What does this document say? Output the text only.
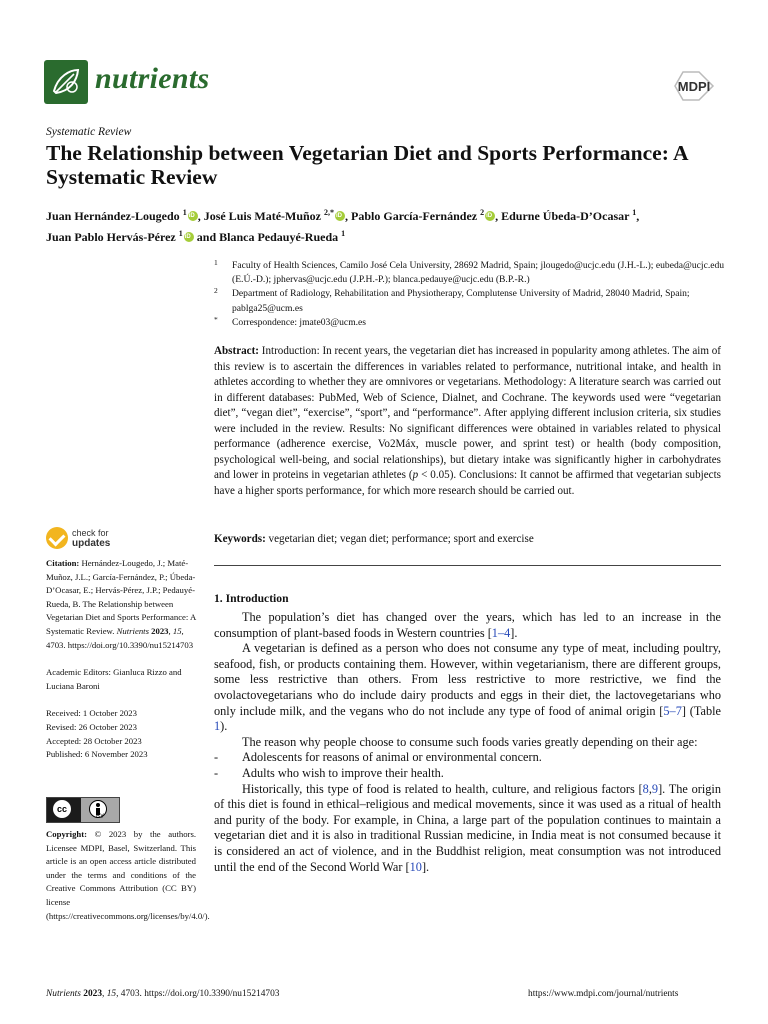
nutrients	MDPI
Systematic Review
The Relationship between Vegetarian Diet and Sports Performance: A Systematic Review
Juan Hernández-Lougedo $^1$ iD , José Luis Maté-Muñoz $^{2,*}$ iD , Pablo García-Fernández $^2$ iD , Edurne Úbeda-D’Ocasar $^1$,
Juan Pablo Hervás-Pérez $^1$ iD and Blanca Pedauyé-Rueda $^1$
1 Faculty of Health Sciences, Camilo José Cela University, 28692 Madrid, Spain; jlougedo@ucjc.edu (J.H.-L.); eubeda@ucjc.edu (E.Ú.-D.); jphervas@ucjc.edu (J.P.H.-P.); blanca.pedauye@ucjc.edu (B.P.-R.)
2 Department of Radiology, Rehabilitation and Physiotherapy, Complutense University of Madrid, 28040 Madrid, Spain; pablga25@ucm.es
* Correspondence: jmate03@ucm.es
Abstract: Introduction: In recent years, the vegetarian diet has increased in popularity among athletes. The aim of this review is to ascertain the differences in variables related to performance, nutritional intake, and health in athletes according to whether they are omnivores or vegetarians. Methodology: A literature search was carried out in different databases: PubMed, Web of Science, Dialnet, and Cochrane. The keywords used were “vegetarian diet”, “vegan diet”, “exercise”, “sport”, and “performance”. After applying different inclusion criteria, six studies were included in the review. Results: No significant differences were obtained in variables related to physical performance (adherence exercise, Vo2Máx, muscle power, and sprint test) or health (body composition, psychological well-being, and social relationships), but dietary intake was significantly higher in carbohydrates and lower in proteins in vegetarian athletes (p < 0.05). Conclusions: It cannot be affirmed that vegetarian subjects have a higher sports performance, for which more research should be carried out.
Keywords: vegetarian diet; vegan diet; performance; sport and exercise
check for
updates

Citation: Hernández-Lougedo, J.; Maté-Muñoz, J.L.; García-Fernández, P.; Úbeda-D’Ocasar, E.; Hervás-Pérez, J.P.; Pedauyé-Rueda, B. The Relationship between Vegetarian Diet and Sports Performance: A Systematic Review. Nutrients 2023, 15, 4703. https://doi.org/10.3390/nu15214703

Academic Editors: Gianluca Rizzo and Luciana Baroni

Received: 1 October 2023

Revised: 26 October 2023

Accepted: 28 October 2023

Published: 6 November 2023

cc
BY
Copyright: © 2023 by the authors. Licensee MDPI, Basel, Switzerland. This article is an open access article distributed under the terms and conditions of the Creative Commons Attribution (CC BY) license (https://creativecommons.org/licenses/by/4.0/).
1. Introduction

The population’s diet has changed over the years, which has led to an increase in the consumption of plant-based foods in Western countries [1–4].

A vegetarian is defined as a person who does not consume any type of meat, including poultry, seafood, fish, or products containing them. However, within vegetarianism, there are different groups, some less restrictive than others. From less restrictive to more restrictive, we find the ovolactovegetarians who do include dairy products and eggs in their diet, the lactovegetarians who only include milk, and the vegans who do not include any type of food of animal origin [5–7] (Table 1).

The reason why people choose to consume such foods varies greatly depending on their age:

- Adolescents for reasons of animal or environmental concern.
- Adults who wish to improve their health.

Historically, this type of food is related to health, culture, and religious factors [8,9]. The origin of this diet is found in ethical–religious and medical movements, since it was used as a ritual of health and purity of the body. For example, in China, a large part of the population continues to maintain a vegetarian diet and it is also in traditional Russian medicine, in India meat is not consumed because it is considered an act of violence, and in the Buddhist religion, meat consumption was not introduced until the end of the Second World War [10].

Nutrients 2023, 15, 4703. https://doi.org/10.3390/nu15214703	https://www.mdpi.com/journal/nutrients
